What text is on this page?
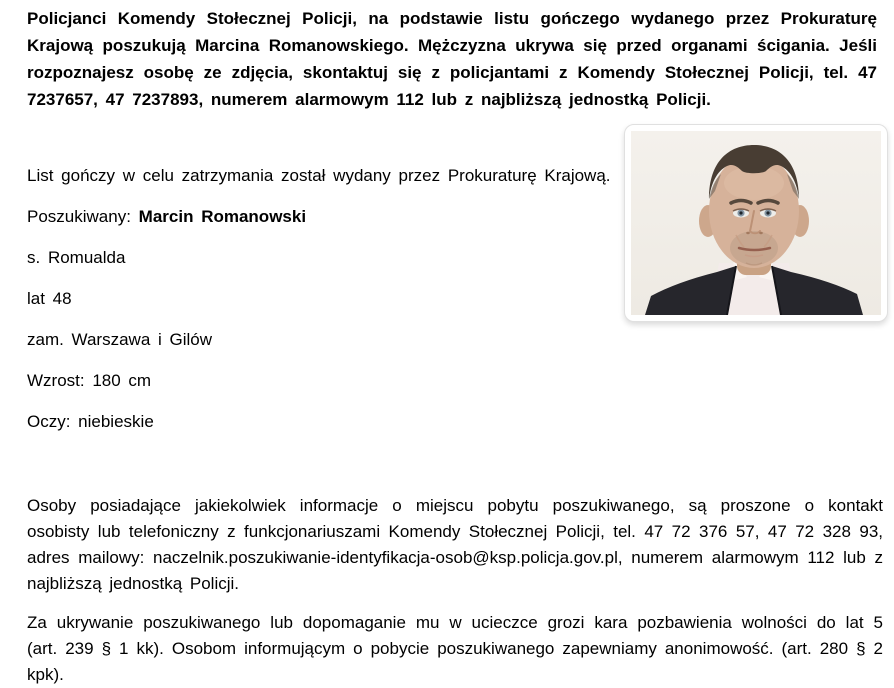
Policjanci Komendy Stołecznej Policji, na podstawie listu gończego wydanego przez Prokuraturę Krajową poszukują Marcina Romanowskiego. Mężczyzna ukrywa się przed organami ścigania. Jeśli rozpoznajesz osobę ze zdjęcia, skontaktuj się z policjantami z Komendy Stołecznej Policji, tel. 47 7237657, 47 7237893, numerem alarmowym 112 lub z najbliższą jednostką Policji.

List gończy w celu zatrzymania został wydany przez Prokuraturę Krajową.

Poszukiwany: Marcin Romanowski

s. Romualda

lat 48

zam. Warszawa i Gilów

Wzrost: 180 cm

Oczy: niebieskie

Osoby posiadające jakiekolwiek informacje o miejscu pobytu poszukiwanego, są proszone o kontakt osobisty lub telefoniczny z funkcjonariuszami Komendy Stołecznej Policji, tel. 47 72 376 57, 47 72 328 93, adres mailowy: naczelnik.poszukiwanie-identyfikacja-osob@ksp.policja.gov.pl, numerem alarmowym 112 lub z najbliższą jednostką Policji.

Za ukrywanie poszukiwanego lub dopomaganie mu w ucieczce grozi kara pozbawienia wolności do lat 5 (art. 239 § 1 kk). Osobom informującym o pobycie poszukiwanego zapewniamy anonimowość. (art. 280 § 2 kpk).
